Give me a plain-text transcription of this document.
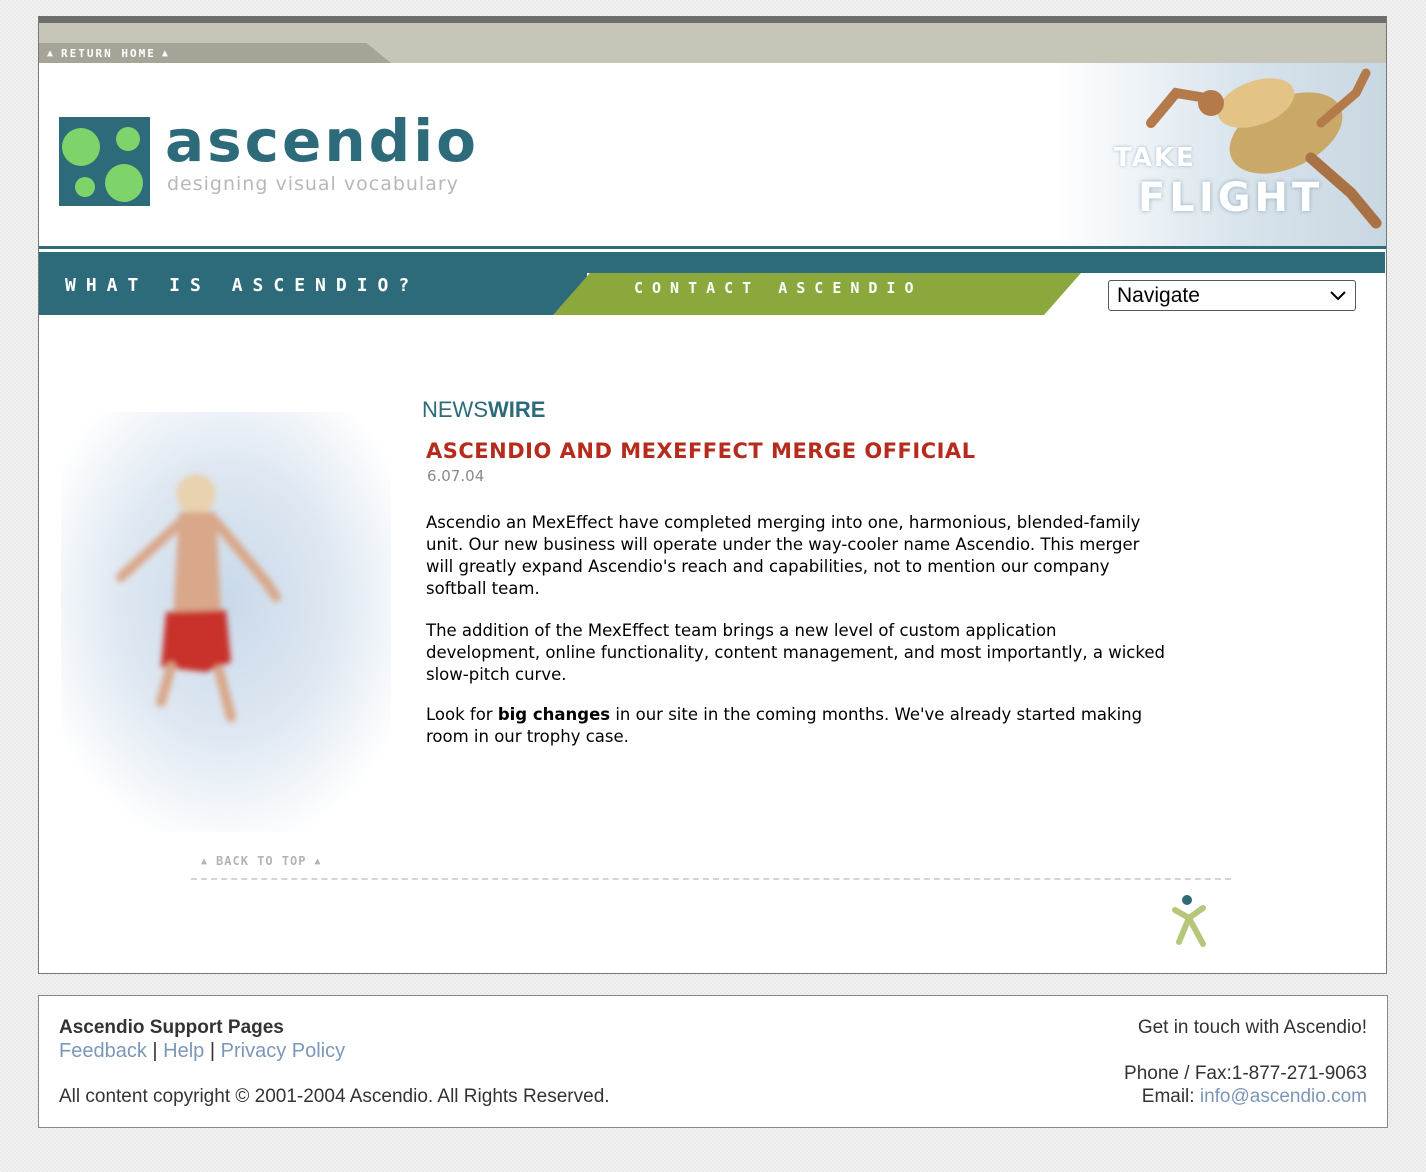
▲ RETURN HOME ▲
ascendio
designing visual vocabulary
TAKE
FLIGHT
WHAT IS ASCENDIO?	CONTACT ASCENDIO	Navigate
NEWSWIRE
ASCENDIO AND MEXEFFECT MERGE OFFICIAL
6.07.04

Ascendio an MexEffect have completed merging into one, harmonious, blended-family unit. Our new business will operate under the way-cooler name Ascendio. This merger will greatly expand Ascendio's reach and capabilities, not to mention our company softball team.

The addition of the MexEffect team brings a new level of custom application development, online functionality, content management, and most importantly, a wicked slow-pitch curve.

Look for big changes in our site in the coming months. We've already started making room in our trophy case.

▲ BACK TO TOP ▲
Ascendio Support Pages
Feedback | Help | Privacy Policy
All content copyright © 2001-2004 Ascendio. All Rights Reserved.
Get in touch with Ascendio!
Phone / Fax:1-877-271-9063
Email: info@ascendio.com
